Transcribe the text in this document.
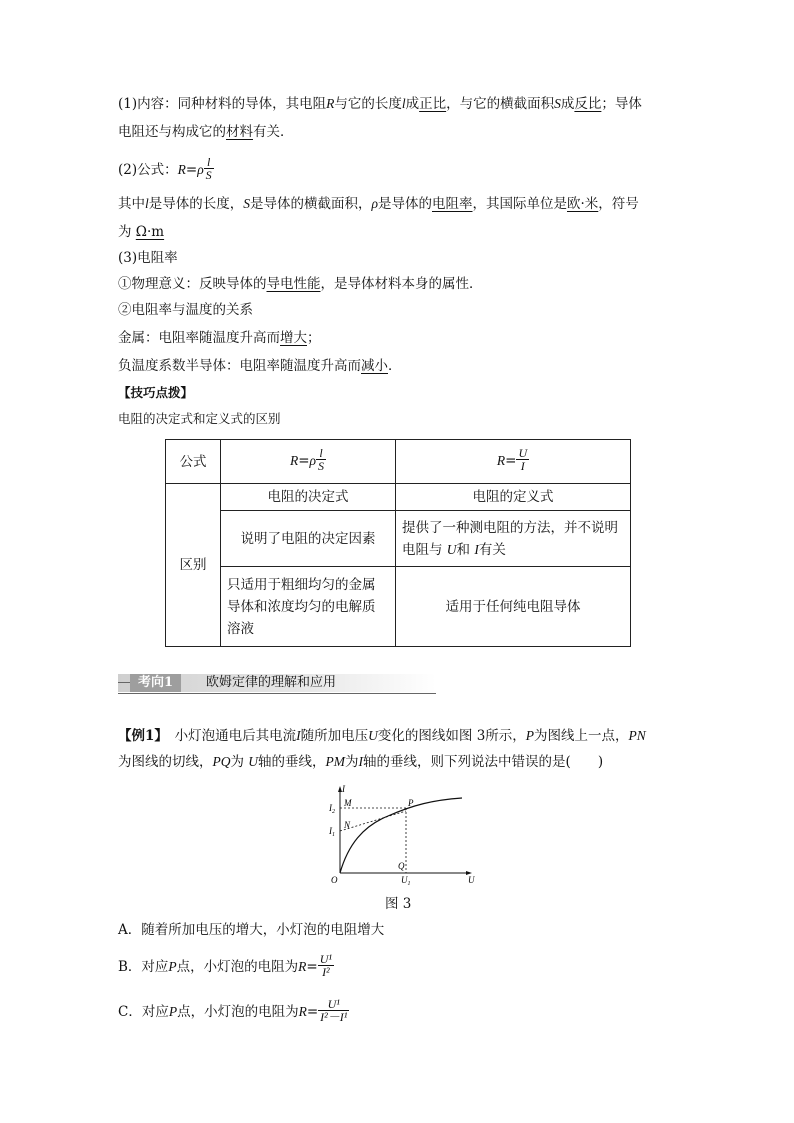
(1)内容：同种材料的导体，其电阻R与它的长度l成正比，与它的横截面积S成反比；导体
电阻还与构成它的材料有关．
(2)公式：$R=\rho \frac{l}{S}$
其中l是导体的长度，S是导体的横截面积，ρ是导体的电阻率，其国际单位是欧·米，符号
为 Ω·m
(3)电阻率
①物理意义：反映导体的导电性能，是导体材料本身的属性．
②电阻率与温度的关系
金属：电阻率随温度升高而增大；
负温度系数半导体：电阻率随温度升高而减小．
【技巧点拨】
电阻的决定式和定义式的区别
公式	$R=\rho \frac{l}{S}$	$R= \frac{U}{I}$

区别	电阻的决定式	电阻的定义式
	说明了电阻的决定因素	提供了一种测电阻的方法，并不说明
电阻与 U和 I有关

	只适用于粗细均匀的金属
导体和浓度均匀的电解质
溶液	适用于任何纯电阻导体
考向1	欧姆定律的理解和应用
【例1】　 小灯泡通电后其电流I随所加电压U变化的图线如图 3所示，P为图线上一点，PN
为图线的切线，PQ为 U轴的垂线，PM为I轴的垂线，则下列说法中错误的是(　　)
I
U
$I_2$
$I_1$
M
N
P
Q
O	$U_1$
图 3
A．随着所加电压的增大，小灯泡的电阻增大
B．对应P点，小灯泡的电阻为$R= \frac{\text{U¹}}{\text{I²}}$
C．对应P点，小灯泡的电阻为$R= \frac{\text{U¹}}{\text{I²－I¹}}$
